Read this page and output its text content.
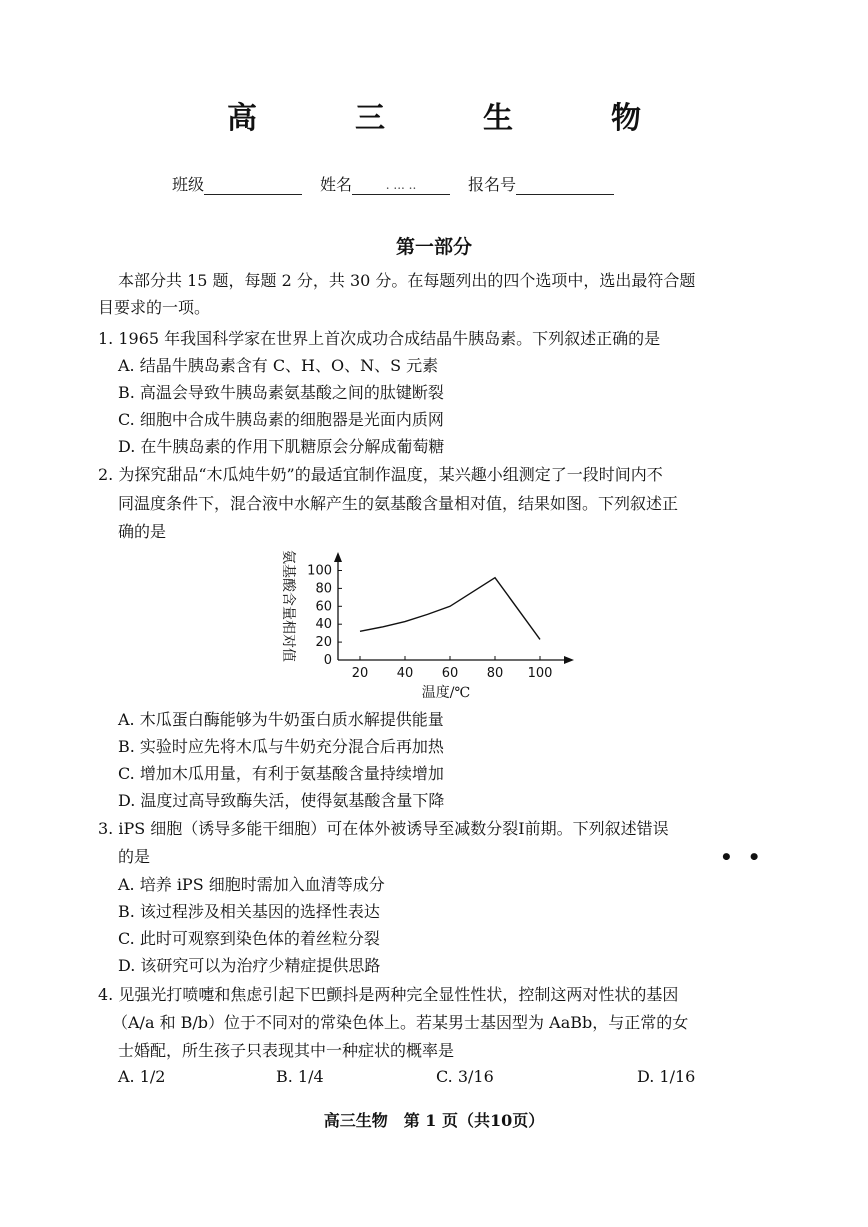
高　三　生　物
班级	姓名	. ... ..	报名号
第一部分
本部分共 15 题，每题 2 分，共 30 分。在每题列出的四个选项中，选出最符合题
目要求的一项。
1. 1965 年我国科学家在世界上首次成功合成结晶牛胰岛素。下列叙述正确的是
A. 结晶牛胰岛素含有 C、H、O、N、S 元素
B. 高温会导致牛胰岛素氨基酸之间的肽键断裂
C. 细胞中合成牛胰岛素的细胞器是光面内质网
D. 在牛胰岛素的作用下肌糖原会分解成葡萄糖
2. 为探究甜品“木瓜炖牛奶”的最适宜制作温度，某兴趣小组测定了一段时间内不
同温度条件下，混合液中水解产生的氨基酸含量相对值，结果如图。下列叙述正
确的是
0
20
40
60
80
100
20 40 60 80 100
温度/℃
氨基酸含量相对值
A. 木瓜蛋白酶能够为牛奶蛋白质水解提供能量
B. 实验时应先将木瓜与牛奶充分混合后再加热
C. 增加木瓜用量，有利于氨基酸含量持续增加
D. 温度过高导致酶失活，使得氨基酸含量下降
3. iPS 细胞（诱导多能干细胞）可在体外被诱导至减数分裂Ⅰ前期。下列叙述错误
• •
的是
A. 培养 iPS 细胞时需加入血清等成分
B. 该过程涉及相关基因的选择性表达
C. 此时可观察到染色体的着丝粒分裂
D. 该研究可以为治疗少精症提供思路
4. 见强光打喷嚏和焦虑引起下巴颤抖是两种完全显性性状，控制这两对性状的基因
（A/a 和 B/b）位于不同对的常染色体上。若某男士基因型为 AaBb，与正常的女
士婚配，所生孩子只表现其中一种症状的概率是
A. 1/2	B. 1/4	C. 3/16	D. 1/16
高三生物　第 1 页（共10页）
